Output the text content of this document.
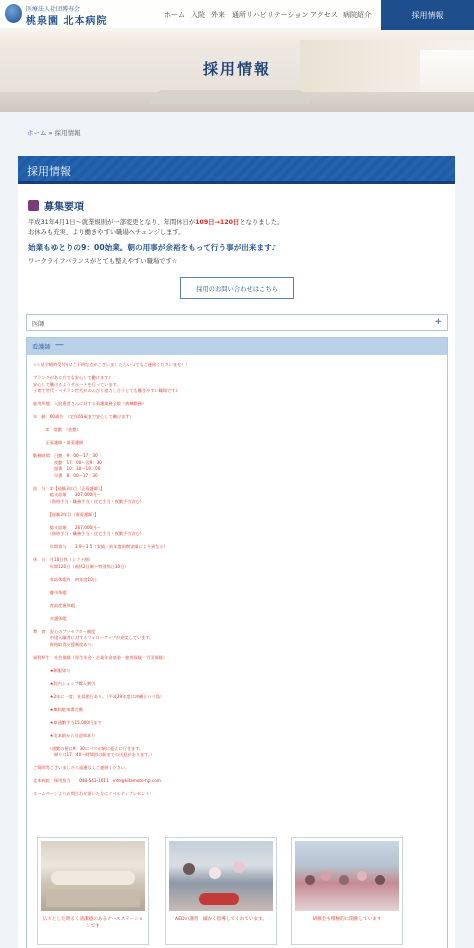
採用情報
医療法人社団博寿会
桃泉園 北本病院
ホーム 入院 外来 通所リハビリテーション アクセス 病院紹介	採用情報
ホーム » 採用情報
採用情報
募集要項
平成31年4月1日〜就業規則が一部変更となり、年間休日が109日→120日となりました。
お休みも充実、より働きやすい職場へチェンジします。
始業もゆとりの9：00始業。朝の用事が余裕をもって行う事が出来ます♪
ワークライフバランスがとても整えやすい職場です☆
採用のお問い合わせはこちら
医師	+
看護師 —
☆☆見学随時受付中♪ご不明な点がございましたらいつでもご連絡くださいませ！！

ブランクがある方でも安心して働けます♪
安心して働けるようサポートを行っています。
子育て世代・ベテラン世代がのんびり協力し合うとても働きやすい職場です♪

雇用形態：入院患者さんに対する看護業務全般（病棟勤務）

年　齢：60歳位　（定年65歳まで安心して働けます）

　　　①　常勤　（夜勤）

　　　正看護師・准看護師

勤務時間：日勤　9：00〜17：30
　　　　　夜勤　17：00〜翌9：30
　　　　　遅番　10：30〜19：00
　　　　　早番　8：00〜17：30

給　与：①【経験3年目（正看護師）】
　　　　総支給額　　307,000円〜
　　　　（資格手当・職務手当・住宅手当・夜勤手当含む）

　　　　【経験3年目（准看護師）】

　　　　総支給額　　267,000円〜
　　　　（資格手当・職務手当・住宅手当・夜勤手当含む）

　　　　年間賞与　　3.9〜3.5（実績／前年度前期実績により異なる）

休　日：月10日休（シフト制）
　　　　年間120日（週休2日制＋特別休日10日）

　　　　有給休暇有　初年度10日

　　　　慶弔休暇

　　　　産前産後休暇

　　　　介護休暇

教　育：安心のプリセプター制度
　　　　中途入職者に対するフォローアップが充実しています。
　　　　資格取得支援制度あり。

福利厚生：社会保険（厚生年金・企業年金基金・雇用保険・労災保険）

　　　　★制服貸与

　　　　★院内ショップ購入割引

　　　　★2年に一度、社員旅行あり。（平成29年度は沖縄とバリ島）

　　　　★無料駐車場完備

　　　　★車通勤手当15,000円まで

　　　　★北本駅から送迎車あり

　　　　（通勤の便は9：30にバスが駅に迎えに行きます。
　　　　　帰りは17：40〜時間帯の駅までの送迎があります。）

ご質問等ございましたら遠慮なくご連絡ください。

北本病院　採用担当　　048-543-1011　info@kitamoto-hp.com

ホームページよりお問合わせ頂いた方にノベルティプレゼント！
広々とした明るく清潔感のあるナースステーションです
AEDの講習　細かく指導してくれています。	研修会も積極的に開催しています
